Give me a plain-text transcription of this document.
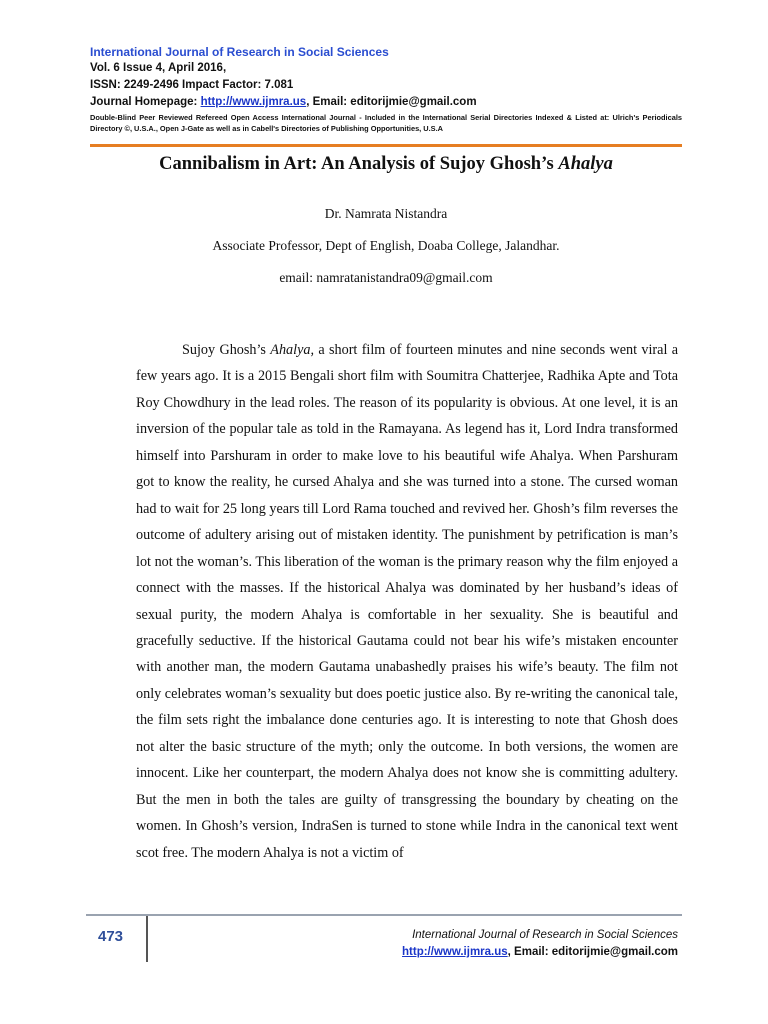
International Journal of Research in Social Sciences
Vol. 6 Issue 4, April 2016,
ISSN: 2249-2496 Impact Factor: 7.081
Journal Homepage: http://www.ijmra.us, Email: editorijmie@gmail.com
Double-Blind Peer Reviewed Refereed Open Access International Journal - Included in the International Serial Directories Indexed & Listed at: Ulrich's Periodicals Directory ©, U.S.A., Open J-Gate as well as in Cabell's Directories of Publishing Opportunities, U.S.A
Cannibalism in Art: An Analysis of Sujoy Ghosh’s Ahalya
Dr. Namrata Nistandra
Associate Professor, Dept of English, Doaba College, Jalandhar.
email: namratanistandra09@gmail.com

Sujoy Ghosh’s Ahalya, a short film of fourteen minutes and nine seconds went viral a few years ago. It is a 2015 Bengali short film with Soumitra Chatterjee, Radhika Apte and Tota Roy Chowdhury in the lead roles. The reason of its popularity is obvious. At one level, it is an inversion of the popular tale as told in the Ramayana. As legend has it, Lord Indra transformed himself into Parshuram in order to make love to his beautiful wife Ahalya. When Parshuram got to know the reality, he cursed Ahalya and she was turned into a stone. The cursed woman had to wait for 25 long years till Lord Rama touched and revived her. Ghosh’s film reverses the outcome of adultery arising out of mistaken identity. The punishment by petrification is man’s lot not the woman’s. This liberation of the woman is the primary reason why the film enjoyed a connect with the masses. If the historical Ahalya was dominated by her husband’s ideas of sexual purity, the modern Ahalya is comfortable in her sexuality. She is beautiful and gracefully seductive. If the historical Gautama could not bear his wife’s mistaken encounter with another man, the modern Gautama unabashedly praises his wife’s beauty. The film not only celebrates woman’s sexuality but does poetic justice also. By re-writing the canonical tale, the film sets right the imbalance done centuries ago. It is interesting to note that Ghosh does not alter the basic structure of the myth; only the outcome. In both versions, the women are innocent. Like her counterpart, the modern Ahalya does not know she is committing adultery. But the men in both the tales are guilty of transgressing the boundary by cheating on the women. In Ghosh’s version, IndraSen is turned to stone while Indra in the canonical text went scot free. The modern Ahalya is not a victim of

473	International Journal of Research in Social Sciences
http://www.ijmra.us, Email: editorijmie@gmail.com
